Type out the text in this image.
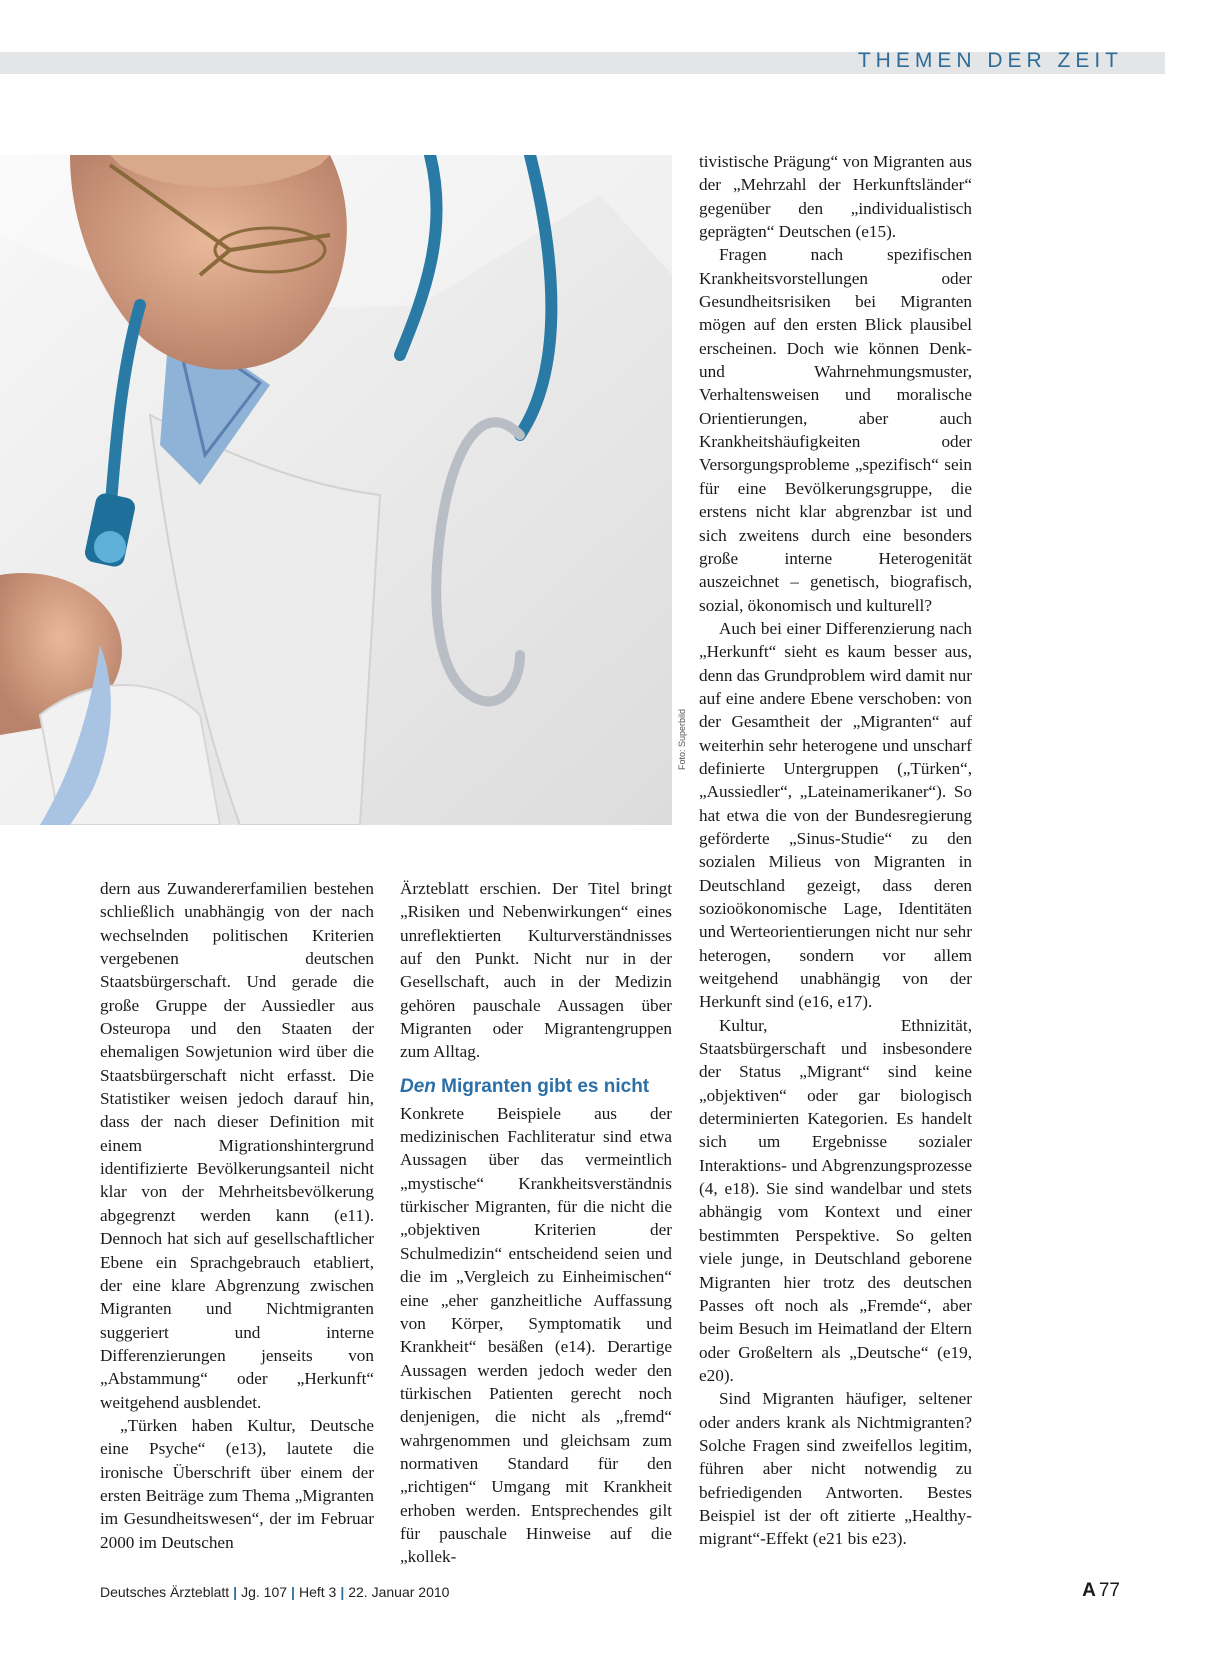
THEMEN DER ZEIT
Foto: Superbild

dern aus Zuwandererfamilien bestehen schließlich unabhängig von der nach wechselnden politischen Kriterien vergebenen deutschen Staatsbürgerschaft. Und gerade die große Gruppe der Aussiedler aus Osteuropa und den Staaten der ehemaligen Sowjetunion wird über die Staatsbürgerschaft nicht erfasst. Die Statistiker weisen jedoch darauf hin, dass der nach dieser Definition mit einem Migrationshintergrund identifizierte Bevölkerungsanteil nicht klar von der Mehrheitsbevölkerung abgegrenzt werden kann (e11). Dennoch hat sich auf gesellschaftlicher Ebene ein Sprachgebrauch etabliert, der eine klare Abgrenzung zwischen Migranten und Nichtmigranten suggeriert und interne Differenzierungen jenseits von „Abstammung“ oder „Herkunft“ weitgehend ausblendet.

„Türken haben Kultur, Deutsche eine Psyche“ (e13), lautete die ironische Überschrift über einem der ersten Beiträge zum Thema „Migranten im Gesundheitswesen“, der im Februar 2000 im Deutschen

Ärzteblatt erschien. Der Titel bringt „Risiken und Nebenwirkungen“ eines unreflektierten Kulturverständnisses auf den Punkt. Nicht nur in der Gesellschaft, auch in der Medizin gehören pauschale Aussagen über Migranten oder Migrantengruppen zum Alltag.

Den Migranten gibt es nicht

Konkrete Beispiele aus der medizinischen Fachliteratur sind etwa Aussagen über das vermeintlich „mystische“ Krankheitsverständnis türkischer Migranten, für die nicht die „objektiven Kriterien der Schulmedizin“ entscheidend seien und die im „Vergleich zu Einheimischen“ eine „eher ganzheitliche Auffassung von Körper, Symptomatik und Krankheit“ besäßen (e14). Derartige Aussagen werden jedoch weder den türkischen Patienten gerecht noch denjenigen, die nicht als „fremd“ wahrgenommen und gleichsam zum normativen Standard für den „richtigen“ Umgang mit Krankheit erhoben werden. Entsprechendes gilt für pauschale Hinweise auf die „kollek-

tivistische Prägung“ von Migranten aus der „Mehrzahl der Herkunftsländer“ gegenüber den „individualistisch geprägten“ Deutschen (e15).

Fragen nach spezifischen Krankheitsvorstellungen oder Gesundheitsrisiken bei Migranten mögen auf den ersten Blick plausibel erscheinen. Doch wie können Denk- und Wahrnehmungsmuster, Verhaltensweisen und moralische Orientierungen, aber auch Krankheitshäufigkeiten oder Versorgungsprobleme „spezifisch“ sein für eine Bevölkerungsgruppe, die erstens nicht klar abgrenzbar ist und sich zweitens durch eine besonders große interne Heterogenität auszeichnet – genetisch, biografisch, sozial, ökonomisch und kulturell?

Auch bei einer Differenzierung nach „Herkunft“ sieht es kaum besser aus, denn das Grundproblem wird damit nur auf eine andere Ebene verschoben: von der Gesamtheit der „Migranten“ auf weiterhin sehr heterogene und unscharf definierte Untergruppen („Türken“, „Aussiedler“, „Lateinamerikaner“). So hat etwa die von der Bundesregierung geförderte „Sinus-Studie“ zu den sozialen Milieus von Migranten in Deutschland gezeigt, dass deren sozioökonomische Lage, Identitäten und Werteorientierungen nicht nur sehr heterogen, sondern vor allem weitgehend unabhängig von der Herkunft sind (e16, e17).

Kultur, Ethnizität, Staatsbürgerschaft und insbesondere der Status „Migrant“ sind keine „objektiven“ oder gar biologisch determinierten Kategorien. Es handelt sich um Ergebnisse sozialer Interaktions- und Abgrenzungsprozesse (4, e18). Sie sind wandelbar und stets abhängig vom Kontext und einer bestimmten Perspektive. So gelten viele junge, in Deutschland geborene Migranten hier trotz des deutschen Passes oft noch als „Fremde“, aber beim Besuch im Heimatland der Eltern oder Großeltern als „Deutsche“ (e19, e20).

Sind Migranten häufiger, seltener oder anders krank als Nichtmigranten? Solche Fragen sind zweifellos legitim, führen aber nicht notwendig zu befriedigenden Antworten. Bestes Beispiel ist der oft zitierte „Healthy-migrant“-Effekt (e21 bis e23).

Deutsches Ärzteblatt | Jg. 107 | Heft 3 | 22. Januar 2010	A 77
